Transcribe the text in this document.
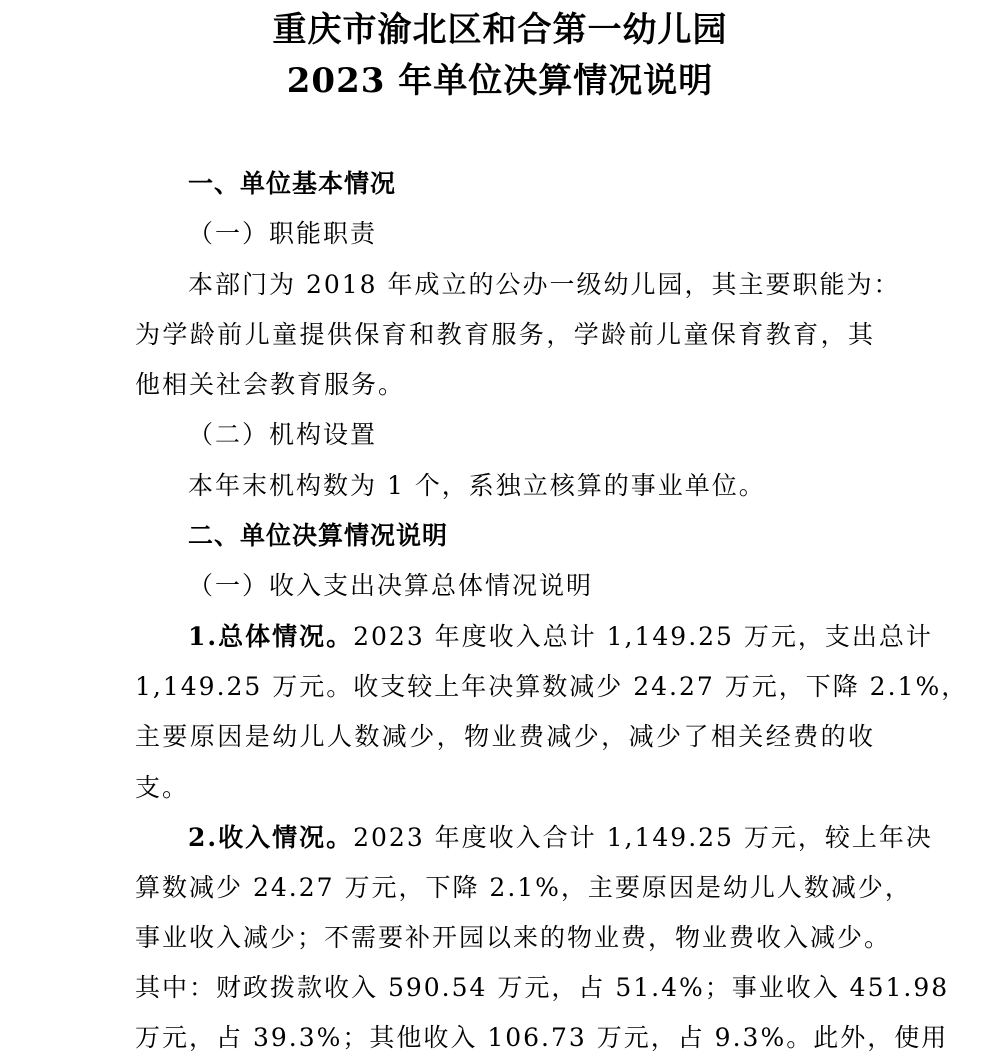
重庆市渝北区和合第一幼儿园
2023 年单位决算情况说明
一、单位基本情况
（一）职能职责
本部门为 2018 年成立的公办一级幼儿园，其主要职能为：
为学龄前儿童提供保育和教育服务，学龄前儿童保育教育，其
他相关社会教育服务。
（二）机构设置
本年末机构数为 1 个，系独立核算的事业单位。
二、单位决算情况说明
（一）收入支出决算总体情况说明
1.总体情况。2023 年度收入总计 1,149.25 万元，支出总计
1,149.25 万元。收支较上年决算数减少 24.27 万元，下降 2.1%，
主要原因是幼儿人数减少，物业费减少，减少了相关经费的收
支。
2.收入情况。2023 年度收入合计 1,149.25 万元，较上年决
算数减少 24.27 万元，下降 2.1%，主要原因是幼儿人数减少，
事业收入减少；不需要补开园以来的物业费，物业费收入减少。
其中：财政拨款收入 590.54 万元，占 51.4%；事业收入 451.98
万元，占 39.3%；其他收入 106.73 万元，占 9.3%。此外，使用
